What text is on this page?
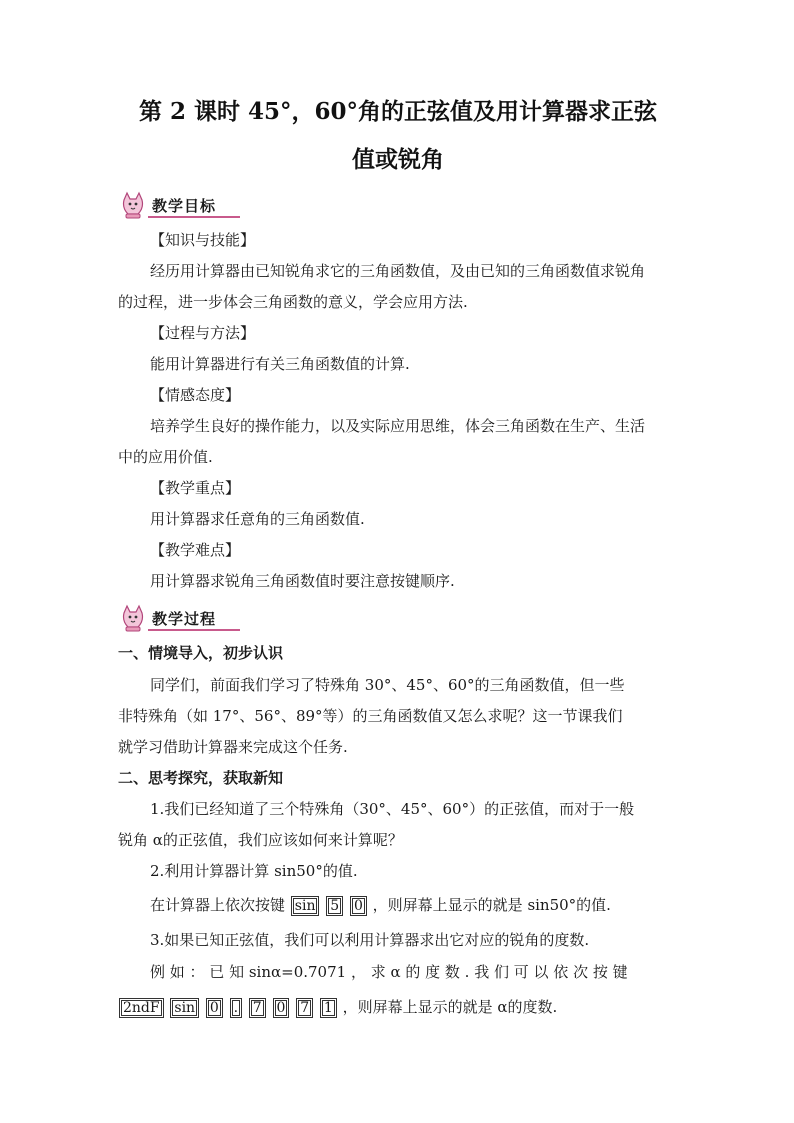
第 2 课时 45°，60°角的正弦值及用计算器求正弦
值或锐角
教学目标
【知识与技能】
经历用计算器由已知锐角求它的三角函数值，及由已知的三角函数值求锐角
的过程，进一步体会三角函数的意义，学会应用方法.
【过程与方法】
能用计算器进行有关三角函数值的计算.
【情感态度】
培养学生良好的操作能力，以及实际应用思维，体会三角函数在生产、生活
中的应用价值.
【教学重点】
用计算器求任意角的三角函数值.
【教学难点】
用计算器求锐角三角函数值时要注意按键顺序.
教学过程
一、情境导入，初步认识
同学们，前面我们学习了特殊角 30°、45°、60°的三角函数值，但一些
非特殊角（如 17°、56°、89°等）的三角函数值又怎么求呢？这一节课我们
就学习借助计算器来完成这个任务.
二、思考探究，获取新知
1.我们已经知道了三个特殊角（30°、45°、60°）的正弦值，而对于一般
锐角 α的正弦值，我们应该如何来计算呢？
2.利用计算器计算 sin50°的值.
在计算器上依次按键 sin 5 0 ，则屏幕上显示的就是 sin50°的值.
3.如果已知正弦值，我们可以利用计算器求出它对应的锐角的度数.
例 如 ： 已 知 sinα=0.7071 ， 求 α 的 度 数 . 我 们 可 以 依 次 按 键
2ndF sin 0 . 7 0 7 1 ，则屏幕上显示的就是 α的度数.
